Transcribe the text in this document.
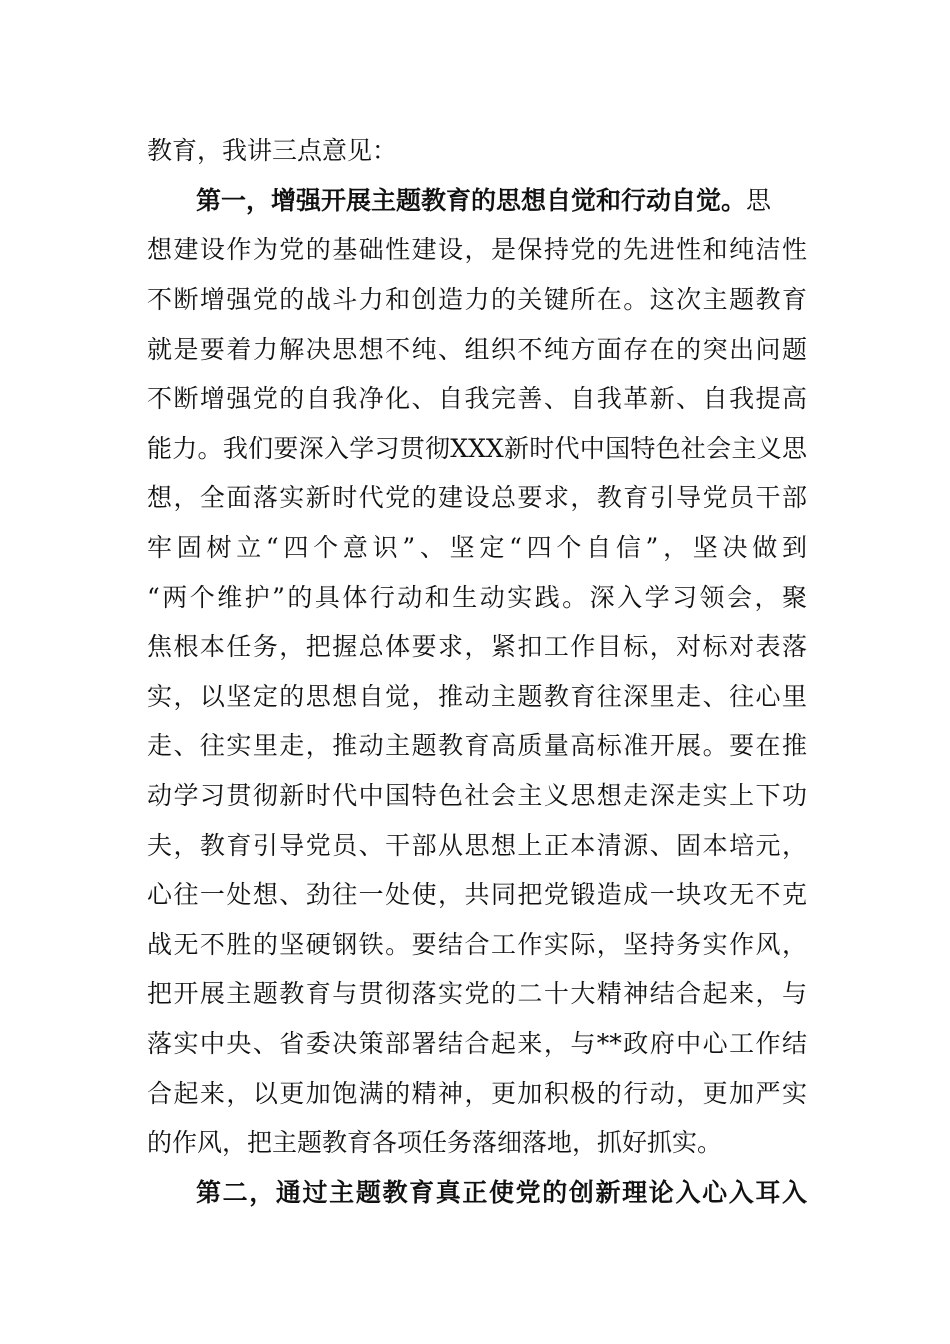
教育，我讲三点意见：
第一，增强开展主题教育的思想自觉和行动自觉。思
想建设作为党的基础性建设，是保持党的先进性和纯洁性
不断增强党的战斗力和创造力的关键所在。这次主题教育
就是要着力解决思想不纯、组织不纯方面存在的突出问题
不断增强党的自我净化、自我完善、自我革新、自我提高
能力。我们要深入学习贯彻XXX新时代中国特色社会主义思
想，全面落实新时代党的建设总要求，教育引导党员干部
牢固树立“四个意识”、坚定“四个自信”，坚决做到
“两个维护”的具体行动和生动实践。深入学习领会，聚
焦根本任务，把握总体要求，紧扣工作目标，对标对表落
实，以坚定的思想自觉，推动主题教育往深里走、往心里
走、往实里走，推动主题教育高质量高标准开展。要在推
动学习贯彻新时代中国特色社会主义思想走深走实上下功
夫，教育引导党员、干部从思想上正本清源、固本培元，
心往一处想、劲往一处使，共同把党锻造成一块攻无不克
战无不胜的坚硬钢铁。要结合工作实际，坚持务实作风，
把开展主题教育与贯彻落实党的二十大精神结合起来，与
落实中央、省委决策部署结合起来，与**政府中心工作结
合起来，以更加饱满的精神，更加积极的行动，更加严实
的作风，把主题教育各项任务落细落地，抓好抓实。
第二，通过主题教育真正使党的创新理论入心入耳入
